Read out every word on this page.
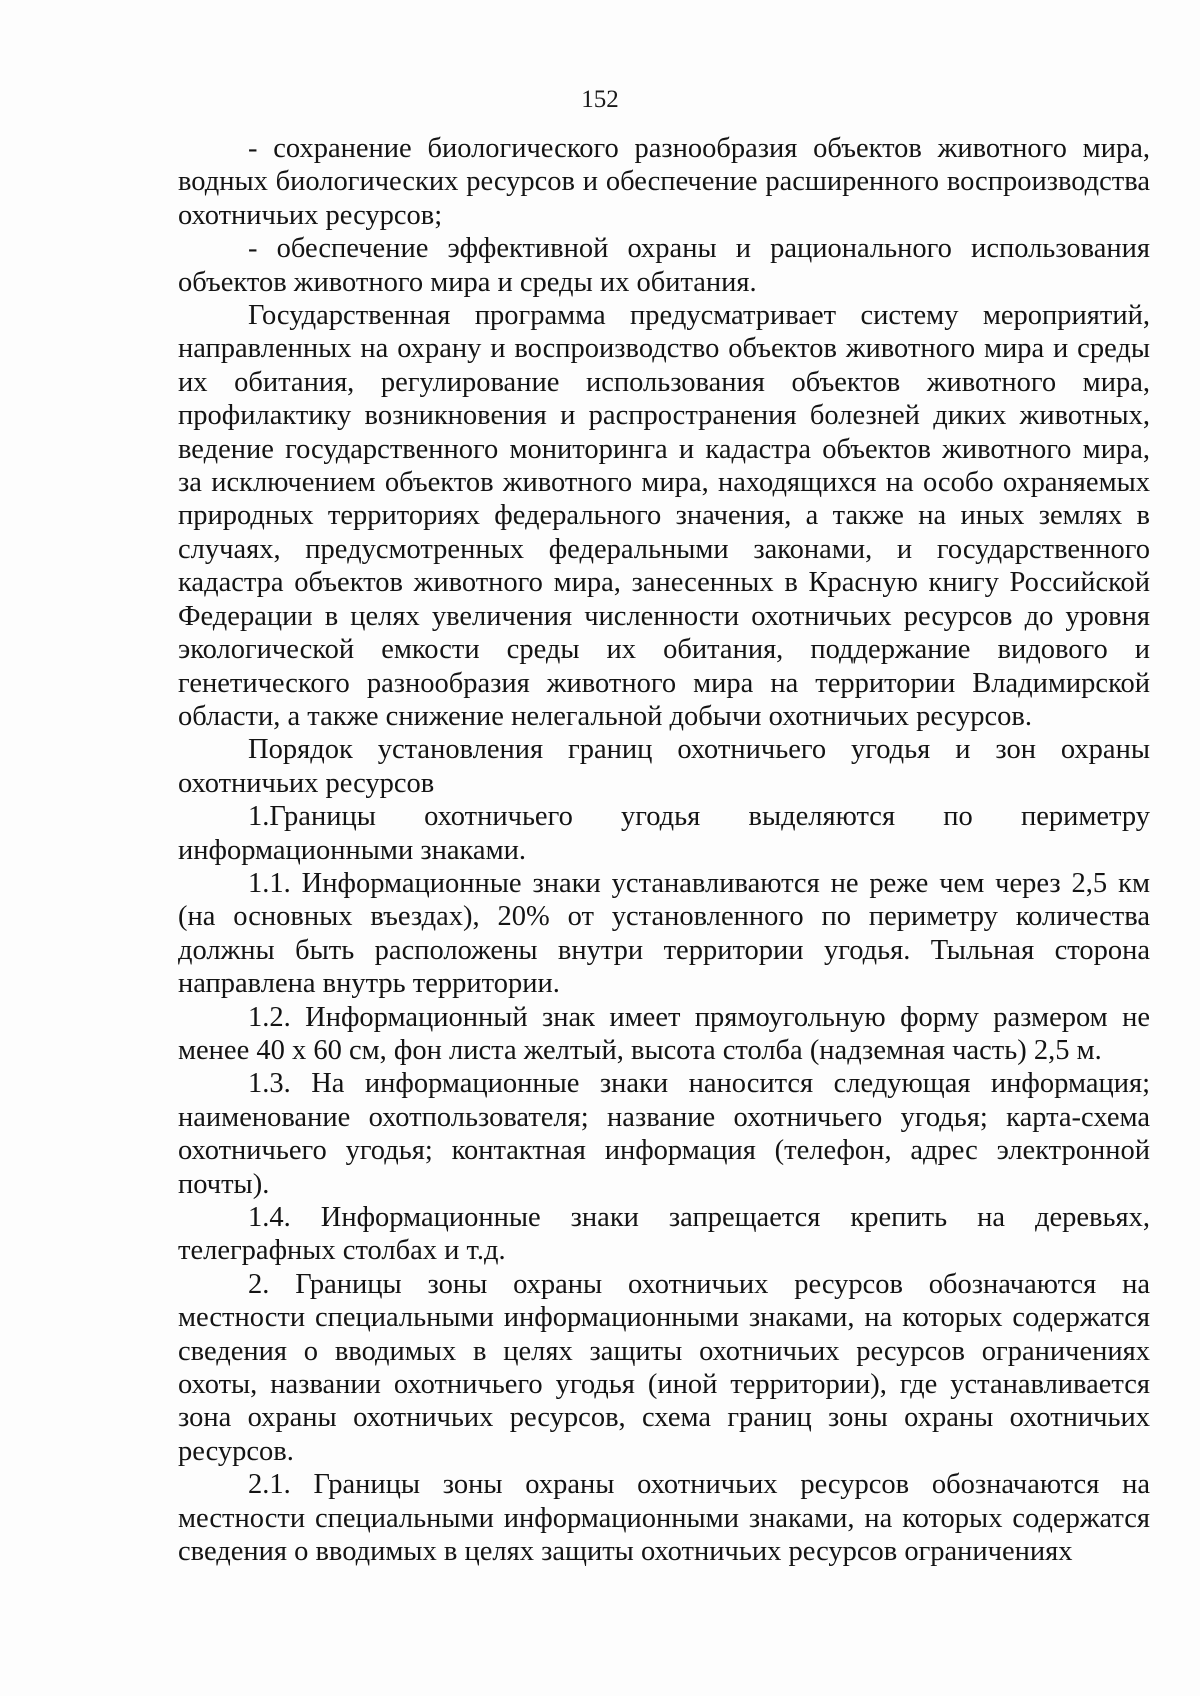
152

- сохранение биологического разнообразия объектов животного мира, водных биологических ресурсов и обеспечение расширенного воспроизводства охотничьих ресурсов;

- обеспечение эффективной охраны и рационального использования объектов животного мира и среды их обитания.

Государственная программа предусматривает систему мероприятий, направленных на охрану и воспроизводство объектов животного мира и среды их обитания, регулирование использования объектов животного мира, профилактику возникновения и распространения болезней диких животных, ведение государственного мониторинга и кадастра объектов животного мира, за исключением объектов животного мира, находящихся на особо охраняемых природных территориях федерального значения, а также на иных землях в случаях, предусмотренных федеральными законами, и государственного кадастра объектов животного мира, занесенных в Красную книгу Российской Федерации в целях увеличения численности охотничьих ресурсов до уровня экологической емкости среды их обитания, поддержание видового и генетического разнообразия животного мира на территории Владимирской области, а также снижение нелегальной добычи охотничьих ресурсов.

Порядок установления границ охотничьего угодья и зон охраны охотничьих ресурсов

1.Границы охотничьего угодья выделяются по периметру информационными знаками.

1.1. Информационные знаки устанавливаются не реже чем через 2,5 км (на основных въездах), 20% от установленного по периметру количества должны быть расположены внутри территории угодья. Тыльная сторона направлена внутрь территории.

1.2. Информационный знак имеет прямоугольную форму размером не менее 40 х 60 см, фон листа желтый, высота столба (надземная часть) 2,5 м.

1.3. На информационные знаки наносится следующая информация; наименование охотпользователя; название охотничьего угодья; карта-схема охотничьего угодья; контактная информация (телефон, адрес электронной почты).

1.4. Информационные знаки запрещается крепить на деревьях, телеграфных столбах и т.д.

2. Границы зоны охраны охотничьих ресурсов обозначаются на местности специальными информационными знаками, на которых содержатся сведения о вводимых в целях защиты охотничьих ресурсов ограничениях охоты, названии охотничьего угодья (иной территории), где устанавливается зона охраны охотничьих ресурсов, схема границ зоны охраны охотничьих ресурсов.

2.1. Границы зоны охраны охотничьих ресурсов обозначаются на местности специальными информационными знаками, на которых содержатся сведения о вводимых в целях защиты охотничьих ресурсов ограничениях
